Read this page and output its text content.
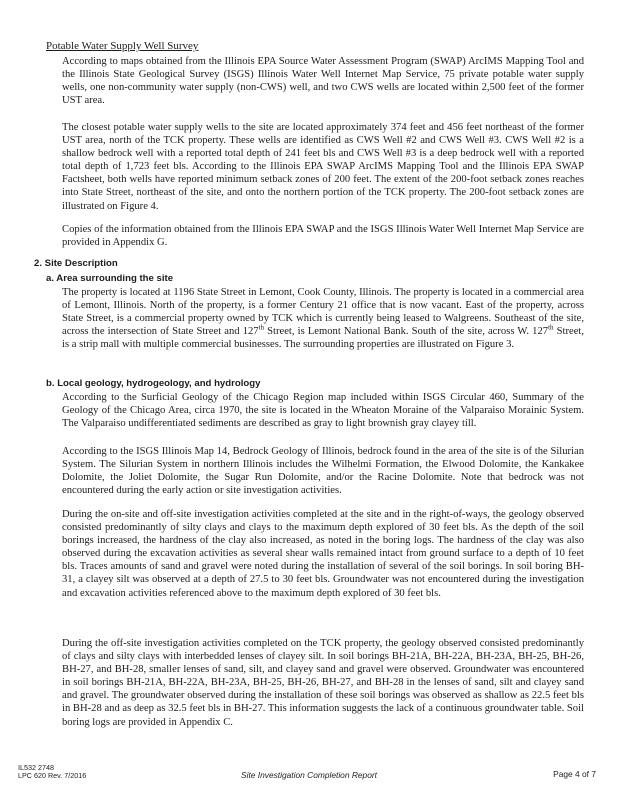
Potable Water Supply Well Survey

According to maps obtained from the Illinois EPA Source Water Assessment Program (SWAP) ArcIMS Mapping Tool and the Illinois State Geological Survey (ISGS) Illinois Water Well Internet Map Service, 75 private potable water supply wells, one non-community water supply (non-CWS) well, and two CWS wells are located within 2,500 feet of the former UST area.

The closest potable water supply wells to the site are located approximately 374 feet and 456 feet northeast of the former UST area, north of the TCK property. These wells are identified as CWS Well #2 and CWS Well #3. CWS Well #2 is a shallow bedrock well with a reported total depth of 241 feet bls and CWS Well #3 is a deep bedrock well with a reported total depth of 1,723 feet bls. According to the Illinois EPA SWAP ArcIMS Mapping Tool and the Illinois EPA SWAP Factsheet, both wells have reported minimum setback zones of 200 feet. The extent of the 200-foot setback zones reaches into State Street, northeast of the site, and onto the northern portion of the TCK property. The 200-foot setback zones are illustrated on Figure 4.

Copies of the information obtained from the Illinois EPA SWAP and the ISGS Illinois Water Well Internet Map Service are provided in Appendix G.

2. Site Description
a. Area surrounding the site

The property is located at 1196 State Street in Lemont, Cook County, Illinois. The property is located in a commercial area of Lemont, Illinois. North of the property, is a former Century 21 office that is now vacant. East of the property, across State Street, is a commercial property owned by TCK which is currently being leased to Walgreens. Southeast of the site, across the intersection of State Street and 127th Street, is Lemont National Bank. South of the site, across W. 127th Street, is a strip mall with multiple commercial businesses. The surrounding properties are illustrated on Figure 3.

b. Local geology, hydrogeology, and hydrology

According to the Surficial Geology of the Chicago Region map included within ISGS Circular 460, Summary of the Geology of the Chicago Area, circa 1970, the site is located in the Wheaton Moraine of the Valparaiso Morainic System. The Valparaiso undifferentiated sediments are described as gray to light brownish gray clayey till.

According to the ISGS Illinois Map 14, Bedrock Geology of Illinois, bedrock found in the area of the site is of the Silurian System. The Silurian System in northern Illinois includes the Wilhelmi Formation, the Elwood Dolomite, the Kankakee Dolomite, the Joliet Dolomite, the Sugar Run Dolomite, and/or the Racine Dolomite. Note that bedrock was not encountered during the early action or site investigation activities.

During the on-site and off-site investigation activities completed at the site and in the right-of-ways, the geology observed consisted predominantly of silty clays and clays to the maximum depth explored of 30 feet bls. As the depth of the soil borings increased, the hardness of the clay also increased, as noted in the boring logs. The hardness of the clay was also observed during the excavation activities as several shear walls remained intact from ground surface to a depth of 10 feet bls. Traces amounts of sand and gravel were noted during the installation of several of the soil borings. In soil boring BH-31, a clayey silt was observed at a depth of 27.5 to 30 feet bls. Groundwater was not encountered during the investigation and excavation activities referenced above to the maximum depth explored of 30 feet bls.

During the off-site investigation activities completed on the TCK property, the geology observed consisted predominantly of clays and silty clays with interbedded lenses of clayey silt. In soil borings BH-21A, BH-22A, BH-23A, BH-25, BH-26, BH-27, and BH-28, smaller lenses of sand, silt, and clayey sand and gravel were observed. Groundwater was encountered in soil borings BH-21A, BH-22A, BH-23A, BH-25, BH-26, BH-27, and BH-28 in the lenses of sand, silt and clayey sand and gravel. The groundwater observed during the installation of these soil borings was observed as shallow as 22.5 feet bls in BH-28 and as deep as 32.5 feet bls in BH-27. This information suggests the lack of a continuous groundwater table. Soil boring logs are provided in Appendix C.

IL532 2748
LPC 620 Rev. 7/2016	Site Investigation Completion Report	Page 4 of 7
